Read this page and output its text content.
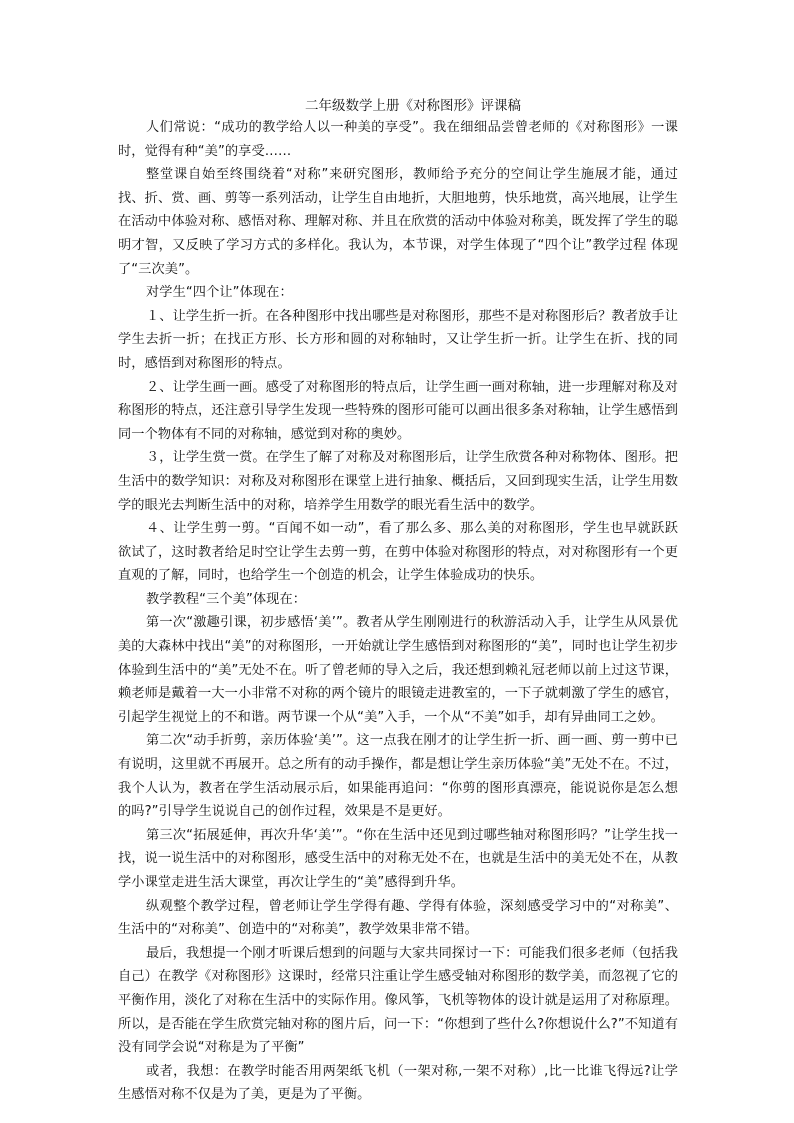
二年级数学上册《对称图形》评课稿

人们常说：“成功的教学给人以一种美的享受”。我在细细品尝曾老师的《对称图形》一课时，觉得有种“美”的享受……

整堂课自始至终围绕着“对称”来研究图形，教师给予充分的空间让学生施展才能，通过找、折、赏、画、剪等一系列活动，让学生自由地折，大胆地剪，快乐地赏，高兴地展，让学生在活动中体验对称、感悟对称、理解对称、并且在欣赏的活动中体验对称美，既发挥了学生的聪明才智，又反映了学习方式的多样化。我认为，本节课，对学生体现了“四个让”教学过程 体现了“三次美”。

对学生“四个让”体现在：

１、让学生折一折。在各种图形中找出哪些是对称图形，那些不是对称图形后？教者放手让学生去折一折；在找正方形、长方形和圆的对称轴时，又让学生折一折。让学生在折、找的同时，感悟到对称图形的特点。

２、让学生画一画。感受了对称图形的特点后，让学生画一画对称轴，进一步理解对称及对称图形的特点，还注意引导学生发现一些特殊的图形可能可以画出很多条对称轴，让学生感悟到同一个物体有不同的对称轴，感觉到对称的奥妙。

３，让学生赏一赏。在学生了解了对称及对称图形后，让学生欣赏各种对称物体、图形。把生活中的数学知识：对称及对称图形在课堂上进行抽象、概括后，又回到现实生活，让学生用数学的眼光去判断生活中的对称，培养学生用数学的眼光看生活中的数学。

４、让学生剪一剪。“百闻不如一动”，看了那么多、那么美的对称图形，学生也早就跃跃欲试了，这时教者给足时空让学生去剪一剪，在剪中体验对称图形的特点，对对称图形有一个更直观的了解，同时，也给学生一个创造的机会，让学生体验成功的快乐。

教学教程“三个美”体现在：

第一次“激趣引课，初步感悟‘美’”。教者从学生刚刚进行的秋游活动入手，让学生从风景优美的大森林中找出“美”的对称图形，一开始就让学生感悟到对称图形的“美”，同时也让学生初步体验到生活中的“美”无处不在。听了曾老师的导入之后，我还想到赖礼冠老师以前上过这节课，赖老师是戴着一大一小非常不对称的两个镜片的眼镜走进教室的，一下子就刺激了学生的感官，引起学生视觉上的不和谐。两节课一个从“美”入手，一个从“不美”如手，却有异曲同工之妙。

第二次“动手折剪，亲历体验‘美’”。这一点我在刚才的让学生折一折、画一画、剪一剪中已有说明，这里就不再展开。总之所有的动手操作，都是想让学生亲历体验“美”无处不在。不过，我个人认为，教者在学生活动展示后，如果能再追问：“你剪的图形真漂亮，能说说你是怎么想的吗?”引导学生说说自己的创作过程，效果是不是更好。

第三次“拓展延伸，再次升华‘美’”。“你在生活中还见到过哪些轴对称图形吗？”让学生找一找，说一说生活中的对称图形，感受生活中的对称无处不在，也就是生活中的美无处不在，从教学小课堂走进生活大课堂，再次让学生的“美”感得到升华。

纵观整个教学过程，曾老师让学生学得有趣、学得有体验，深刻感受学习中的“对称美”、生活中的“对称美”、创造中的“对称美”，教学效果非常不错。

最后，我想提一个刚才听课后想到的问题与大家共同探讨一下：可能我们很多老师（包括我自己）在教学《对称图形》这课时，经常只注重让学生感受轴对称图形的数学美，而忽视了它的平衡作用，淡化了对称在生活中的实际作用。像风筝，飞机等物体的设计就是运用了对称原理。所以，是否能在学生欣赏完轴对称的图片后，问一下：“你想到了些什么?你想说什么?”不知道有没有同学会说“对称是为了平衡”

或者，我想：在教学时能否用两架纸飞机（一架对称,一架不对称）,比一比谁飞得远?让学生感悟对称不仅是为了美，更是为了平衡。
